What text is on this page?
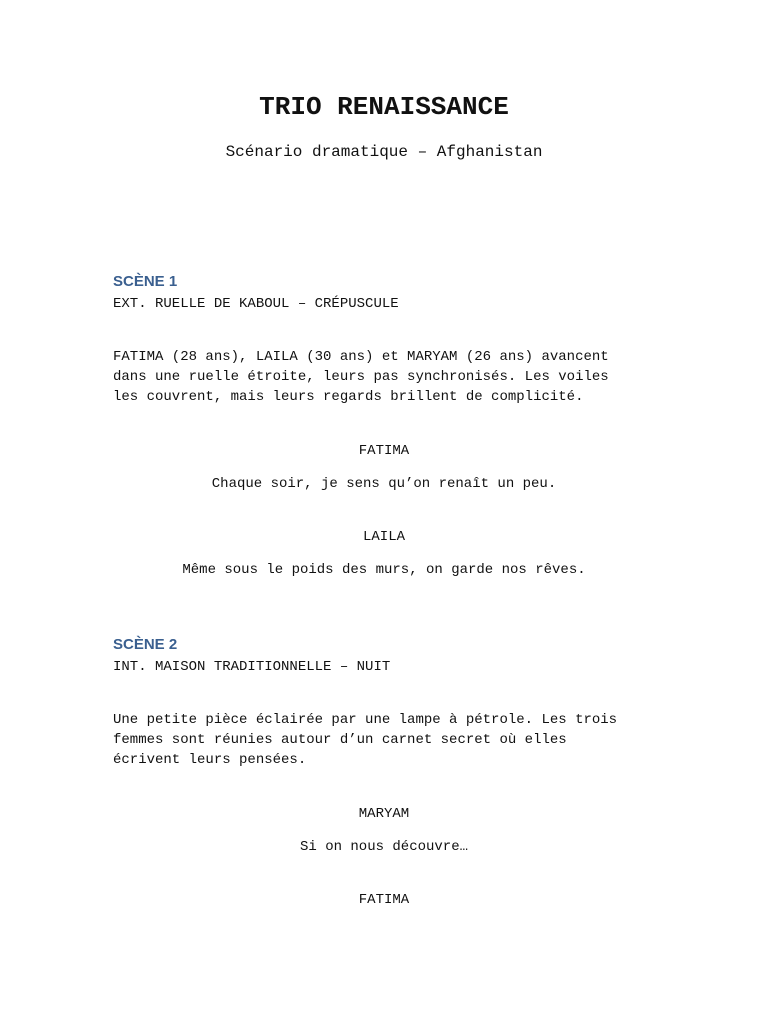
TRIO RENAISSANCE
Scénario dramatique – Afghanistan
SCÈNE 1
EXT. RUELLE DE KABOUL – CRÉPUSCULE
FATIMA (28 ans), LAILA (30 ans) et MARYAM (26 ans) avancent
dans une ruelle étroite, leurs pas synchronisés. Les voiles
les couvrent, mais leurs regards brillent de complicité.
FATIMA
Chaque soir, je sens qu’on renaît un peu.
LAILA
Même sous le poids des murs, on garde nos rêves.
SCÈNE 2
INT. MAISON TRADITIONNELLE – NUIT
Une petite pièce éclairée par une lampe à pétrole. Les trois
femmes sont réunies autour d’un carnet secret où elles
écrivent leurs pensées.
MARYAM
Si on nous découvre…
FATIMA
